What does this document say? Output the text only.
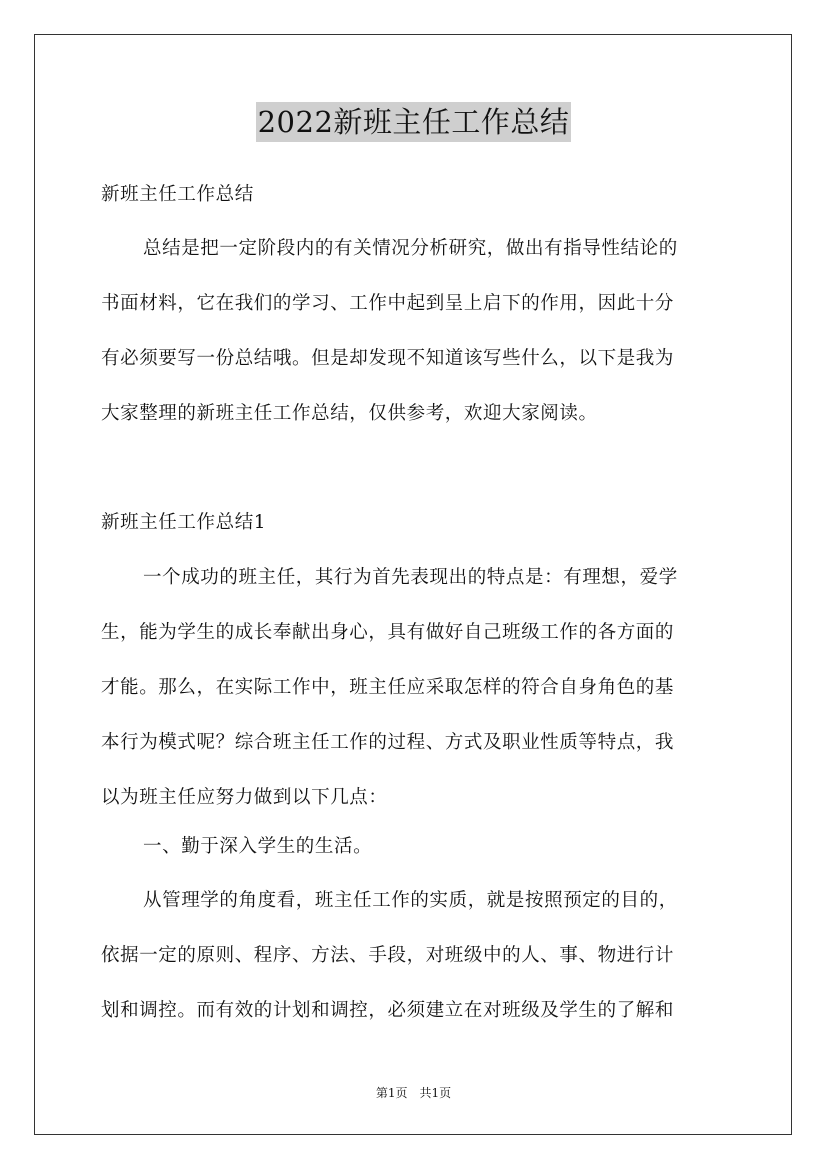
2022新班主任工作总结
新班主任工作总结
总结是把一定阶段内的有关情况分析研究，做出有指导性结论的
书面材料，它在我们的学习、工作中起到呈上启下的作用，因此十分
有必须要写一份总结哦。但是却发现不知道该写些什么，以下是我为
大家整理的新班主任工作总结，仅供参考，欢迎大家阅读。
新班主任工作总结1
一个成功的班主任，其行为首先表现出的特点是：有理想，爱学
生，能为学生的成长奉献出身心，具有做好自己班级工作的各方面的
才能。那么，在实际工作中，班主任应采取怎样的符合自身角色的基
本行为模式呢？综合班主任工作的过程、方式及职业性质等特点，我
以为班主任应努力做到以下几点：
一、勤于深入学生的生活。
从管理学的角度看，班主任工作的实质，就是按照预定的目的，
依据一定的原则、程序、方法、手段，对班级中的人、事、物进行计
划和调控。而有效的计划和调控，必须建立在对班级及学生的了解和
第1页　共1页
